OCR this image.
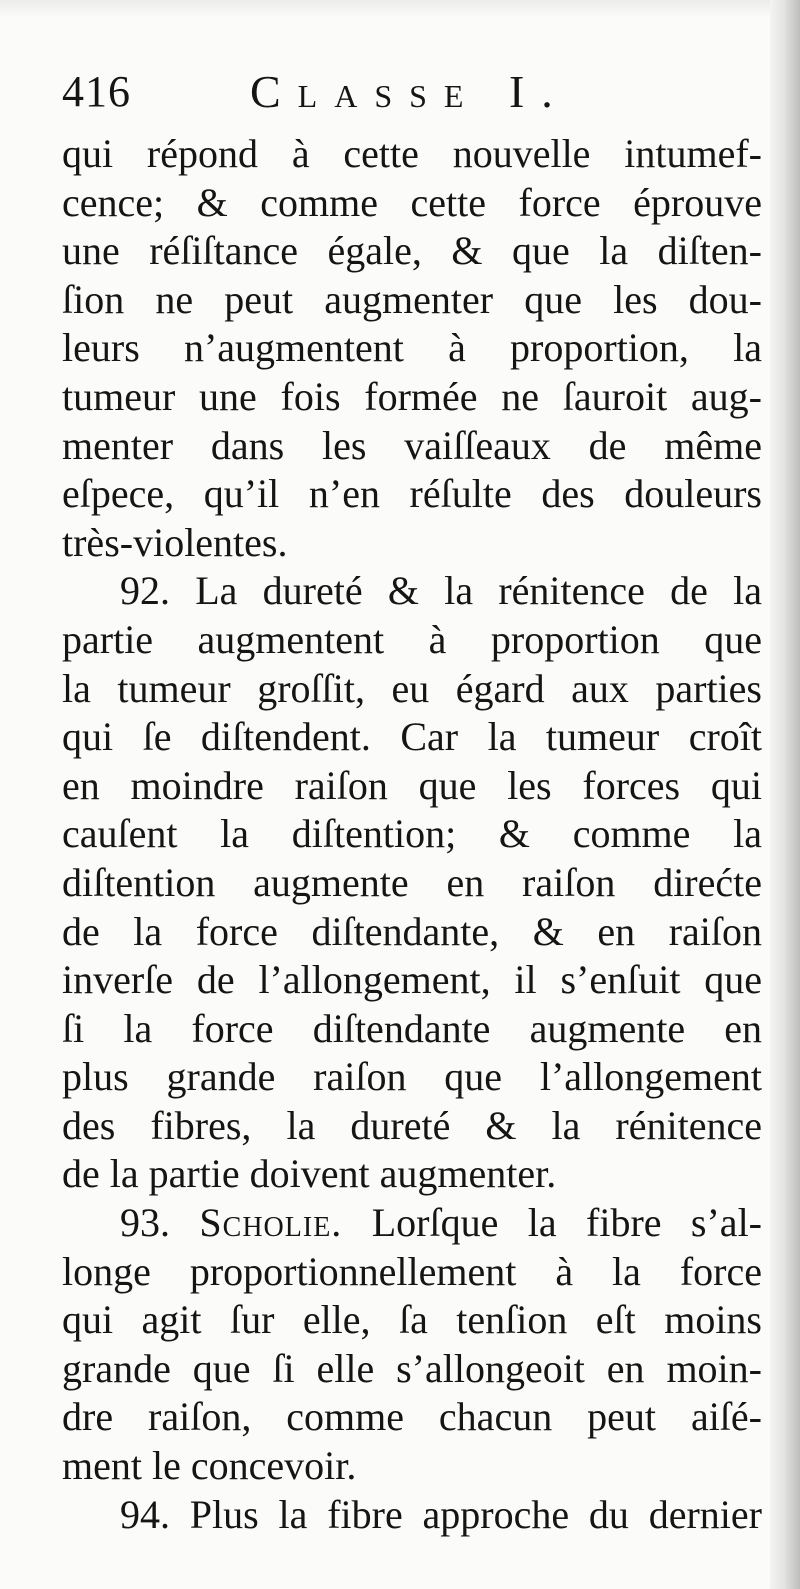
416	Classe I.
qui répond à cette nouvelle intumef-
cence; & comme cette force éprouve
une réſiſtance égale, & que la diſten-
ſion ne peut augmenter que les dou-
leurs n’augmentent à proportion, la
tumeur une fois formée ne ſauroit aug-
menter dans les vaiſſeaux de même
eſpece, qu’il n’en réſulte des douleurs
très-violentes.
92. La dureté & la rénitence de la
partie augmentent à proportion que
la tumeur groſſit, eu égard aux parties
qui ſe diſtendent. Car la tumeur croît
en moindre raiſon que les forces qui
cauſent la diſtention; & comme la
diſtention augmente en raiſon direćte
de la force diſtendante, & en raiſon
inverſe de l’allongement, il s’enſuit que
ſi la force diſtendante augmente en
plus grande raiſon que l’allongement
des fibres, la dureté & la rénitence
de la partie doivent augmenter.
93. Scholie. Lorſque la fibre s’al-
longe proportionnellement à la force
qui agit ſur elle, ſa tenſion eſt moins
grande que ſi elle s’allongeoit en moin-
dre raiſon, comme chacun peut aiſé-
ment le concevoir.
94. Plus la fibre approche du dernier
